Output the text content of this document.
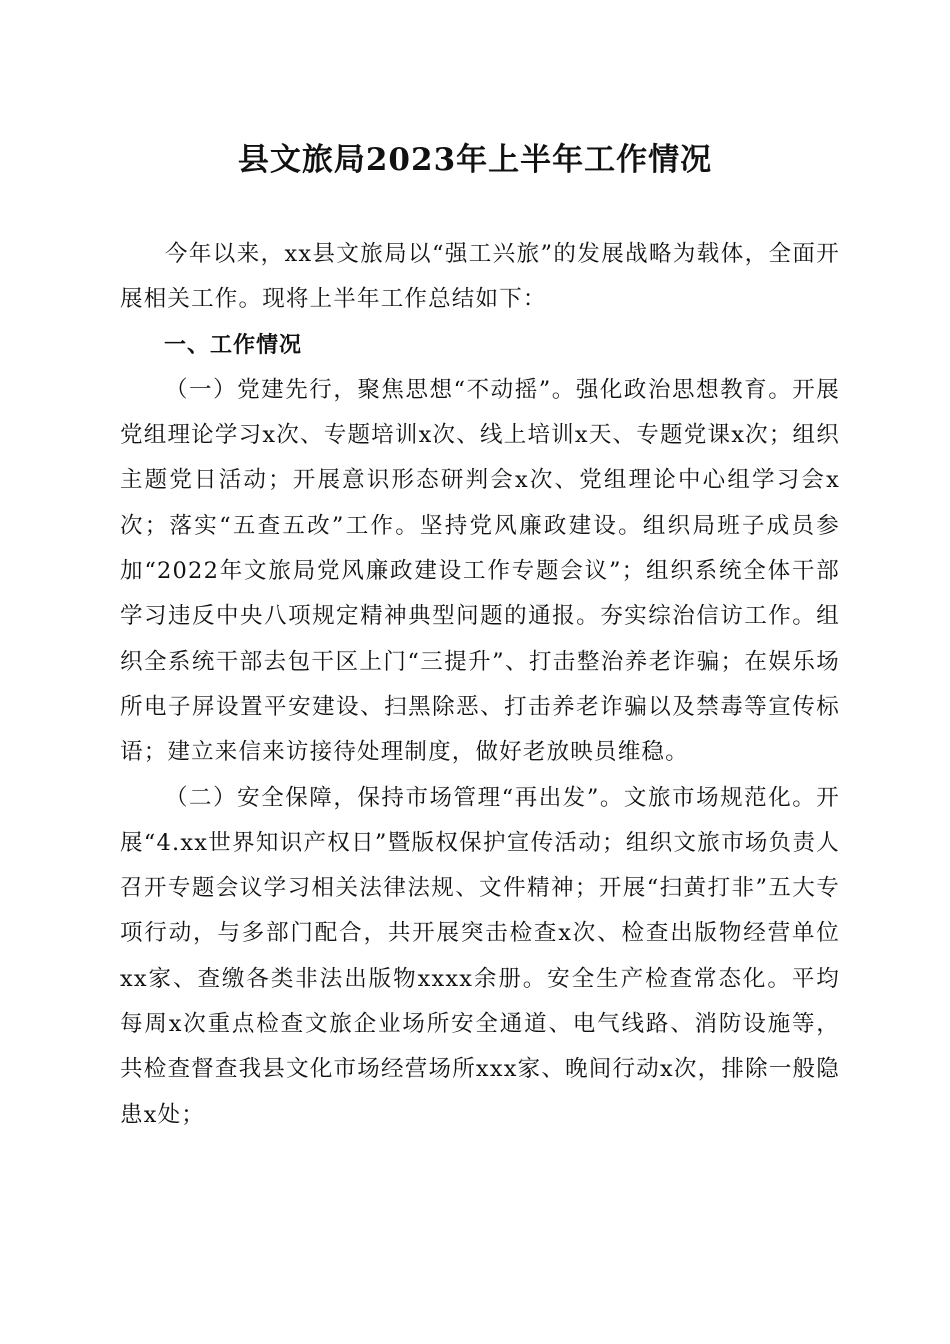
县文旅局2023年上半年工作情况

今年以来，xx县文旅局以“强工兴旅”的发展战略为载体，全面开展相关工作。现将上半年工作总结如下：

一、工作情况

（一）党建先行，聚焦思想“不动摇”。强化政治思想教育。开展党组理论学习x次、专题培训x次、线上培训x天、专题党课x次；组织主题党日活动；开展意识形态研判会x次、党组理论中心组学习会x次；落实“五查五改”工作。坚持党风廉政建设。组织局班子成员参加“2022年文旅局党风廉政建设工作专题会议”；组织系统全体干部学习违反中央八项规定精神典型问题的通报。夯实综治信访工作。组织全系统干部去包干区上门“三提升”、打击整治养老诈骗；在娱乐场所电子屏设置平安建设、扫黑除恶、打击养老诈骗以及禁毒等宣传标语；建立来信来访接待处理制度，做好老放映员维稳。

（二）安全保障，保持市场管理“再出发”。文旅市场规范化。开展“4.xx世界知识产权日”暨版权保护宣传活动；组织文旅市场负责人召开专题会议学习相关法律法规、文件精神；开展“扫黄打非”五大专项行动，与多部门配合，共开展突击检查x次、检查出版物经营单位xx家、查缴各类非法出版物xxxx余册。安全生产检查常态化。平均每周x次重点检查文旅企业场所安全通道、电气线路、消防设施等，共检查督查我县文化市场经营场所xxx家、晚间行动x次，排除一般隐患x处；
